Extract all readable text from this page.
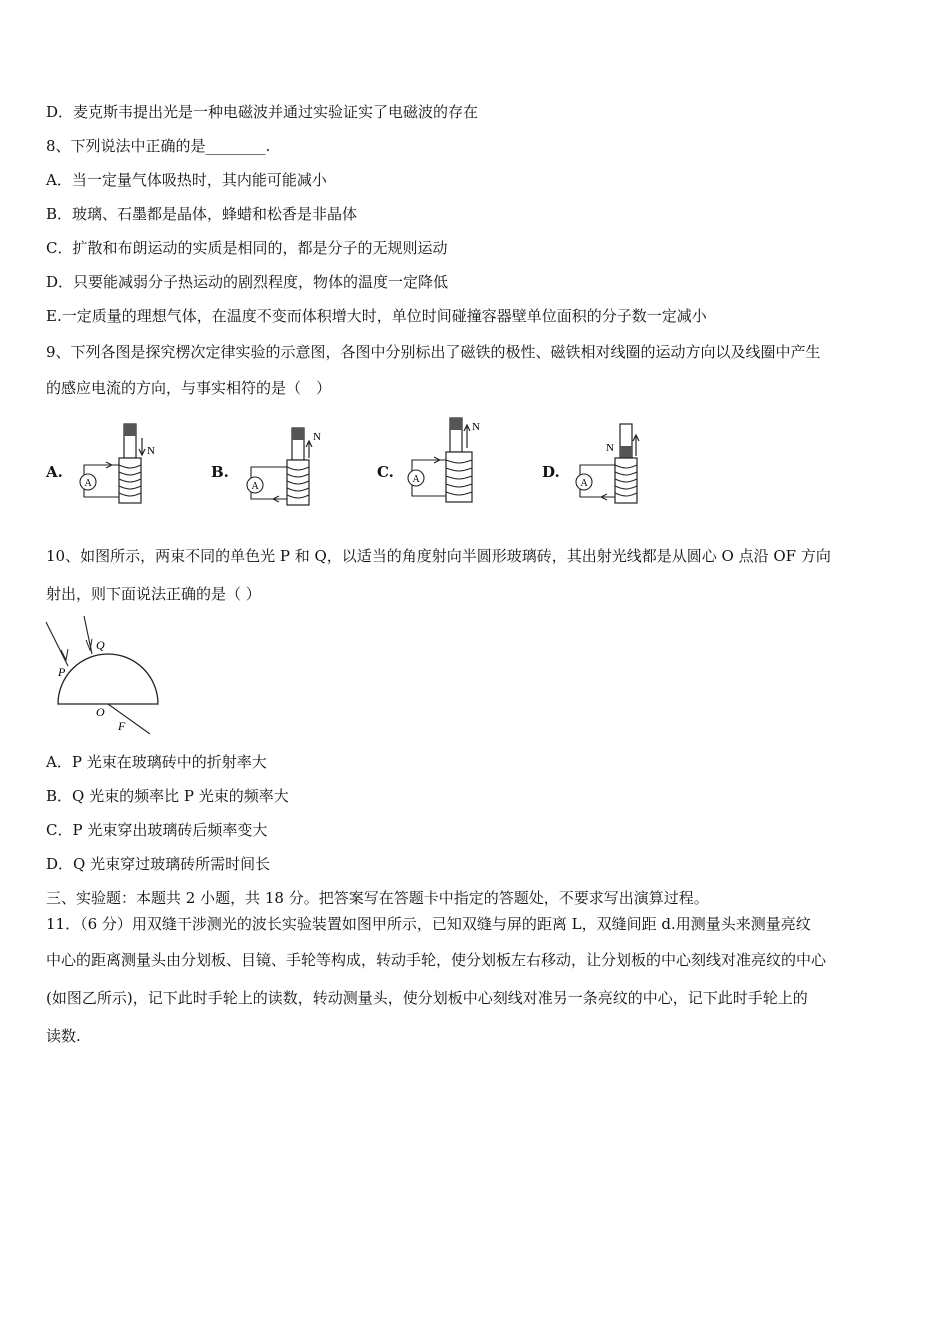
D．麦克斯韦提出光是一种电磁波并通过实验证实了电磁波的存在
8、下列说法中正确的是________.
A．当一定量气体吸热时，其内能可能减小
B．玻璃、石墨都是晶体，蜂蜡和松香是非晶体
C．扩散和布朗运动的实质是相同的，都是分子的无规则运动
D．只要能减弱分子热运动的剧烈程度，物体的温度一定降低
E.一定质量的理想气体，在温度不变而体积增大时，单位时间碰撞容器壁单位面积的分子数一定减小
9、下列各图是探究楞次定律实验的示意图，各图中分别标出了磁铁的极性、磁铁相对线圈的运动方向以及线圈中产生
的感应电流的方向，与事实相符的是（　）
A.	B.	C.	D.
N
A
N
A
N
A
N
A
10、如图所示，两束不同的单色光 P 和 Q，以适当的角度射向半圆形玻璃砖，其出射光线都是从圆心 O 点沿 OF 方向
射出，则下面说法正确的是（ ）
P
Q
O
F
A．P 光束在玻璃砖中的折射率大
B．Q 光束的频率比 P 光束的频率大
C．P 光束穿出玻璃砖后频率变大
D．Q 光束穿过玻璃砖所需时间长
三、实验题：本题共 2 小题，共 18 分。把答案写在答题卡中指定的答题处，不要求写出演算过程。
11．（6 分）用双缝干涉测光的波长实验装置如图甲所示，已知双缝与屏的距离 L，双缝间距 d.用测量头来测量亮纹
中心的距离测量头由分划板、目镜、手轮等构成，转动手轮，使分划板左右移动，让分划板的中心刻线对准亮纹的中心
(如图乙所示)，记下此时手轮上的读数，转动测量头，使分划板中心刻线对准另一条亮纹的中心，记下此时手轮上的
读数.
